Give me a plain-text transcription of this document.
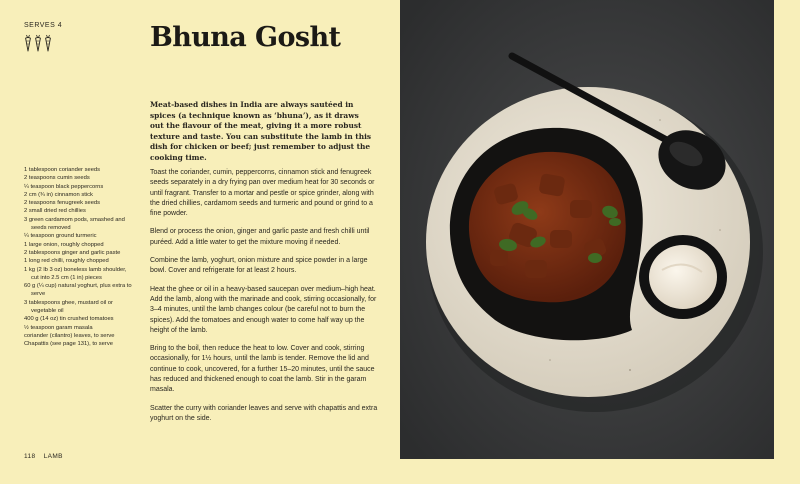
SERVES 4	Bhuna Gosht
Meat-based dishes in India are always sautéed in spices (a technique known as ‘bhuna’), as it draws out the flavour of the meat, giving it a more robust texture and taste. You can substitute the lamb in this dish for chicken or beef; just remember to adjust the cooking time.
1 tablespoon coriander seeds
2 teaspoons cumin seeds
¼ teaspoon black peppercorns
2 cm (¾ in) cinnamon stick
2 teaspoons fenugreek seeds
2 small dried red chillies
3 green cardamom pods, smashed and seeds removed
¼ teaspoon ground turmeric
1 large onion, roughly chopped
2 tablespoons ginger and garlic paste
1 long red chilli, roughly chopped
1 kg (2 lb 3 oz) boneless lamb shoulder, cut into 2.5 cm (1 in) pieces
60 g (¼ cup) natural yoghurt, plus extra to serve
3 tablespoons ghee, mustard oil or vegetable oil
400 g (14 oz) tin crushed tomatoes
½ teaspoon garam masala
coriander (cilantro) leaves, to serve
Chapattis (see page 131), to serve

Toast the coriander, cumin, peppercorns, cinnamon stick and fenugreek seeds separately in a dry frying pan over medium heat for 30 seconds or until fragrant. Transfer to a mortar and pestle or spice grinder, along with the dried chillies, cardamom seeds and turmeric and pound or grind to a fine powder.

Blend or process the onion, ginger and garlic paste and fresh chilli until puréed. Add a little water to get the mixture moving if needed.

Combine the lamb, yoghurt, onion mixture and spice powder in a large bowl. Cover and refrigerate for at least 2 hours.

Heat the ghee or oil in a heavy-based saucepan over medium–high heat. Add the lamb, along with the marinade and cook, stirring occasionally, for 3–4 minutes, until the lamb changes colour (be careful not to burn the spices). Add the tomatoes and enough water to come half way up the height of the lamb.

Bring to the boil, then reduce the heat to low. Cover and cook, stirring occasionally, for 1½ hours, until the lamb is tender. Remove the lid and continue to cook, uncovered, for a further 15–20 minutes, until the sauce has reduced and thickened enough to coat the lamb. Stir in the garam masala.

Scatter the curry with coriander leaves and serve with chapattis and extra yoghurt on the side.

118 LAMB
